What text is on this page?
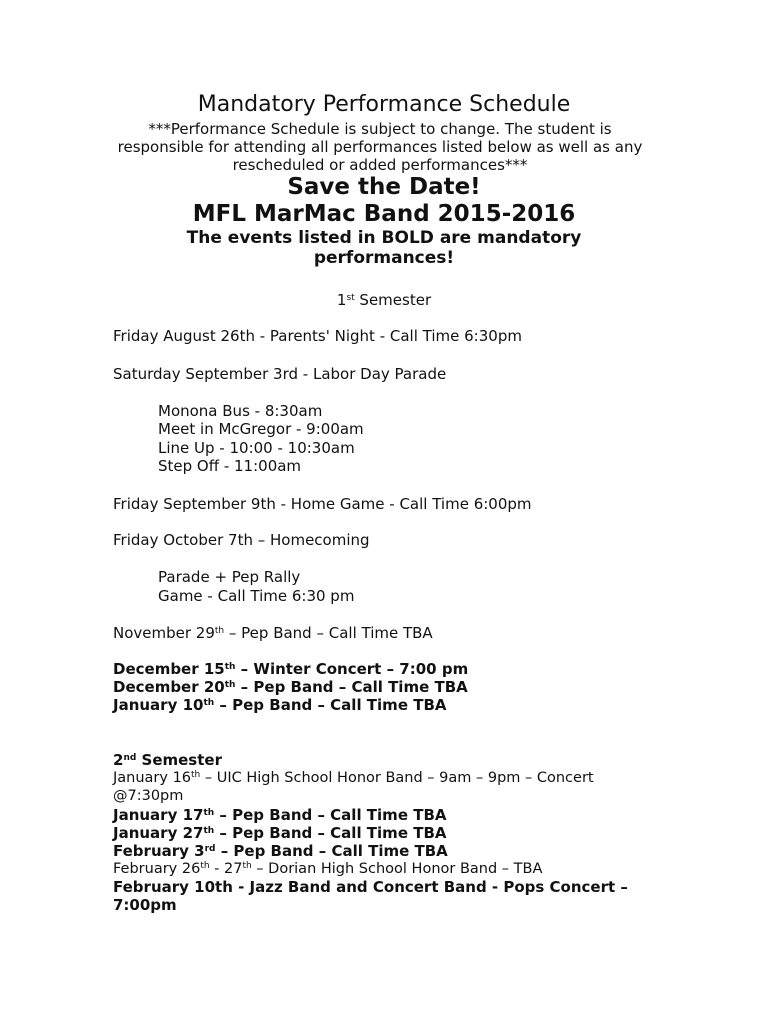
Mandatory Performance Schedule
***Performance Schedule is subject to change. The student is responsible for attending all performances listed below as well as any rescheduled or added performances***
Save the Date!
MFL MarMac Band 2015-2016
The events listed in BOLD are mandatory performances!
1st Semester
Friday August 26th - Parents' Night - Call Time 6:30pm
Saturday September 3rd - Labor Day Parade
Monona Bus - 8:30am
Meet in McGregor - 9:00am
Line Up - 10:00 - 10:30am
Step Off - 11:00am
Friday September 9th - Home Game - Call Time 6:00pm
Friday October 7th – Homecoming
Parade + Pep Rally
Game - Call Time 6:30 pm
November 29th – Pep Band – Call Time TBA
December 15th – Winter Concert – 7:00 pm
December 20th – Pep Band – Call Time TBA
January 10th – Pep Band – Call Time TBA
2nd Semester
January 16th – UIC High School Honor Band – 9am – 9pm – Concert
@7:30pm
January 17th – Pep Band – Call Time TBA
January 27th – Pep Band – Call Time TBA
February 3rd – Pep Band – Call Time TBA
February 26th - 27th – Dorian High School Honor Band – TBA
February 10th - Jazz Band and Concert Band - Pops Concert –
7:00pm
